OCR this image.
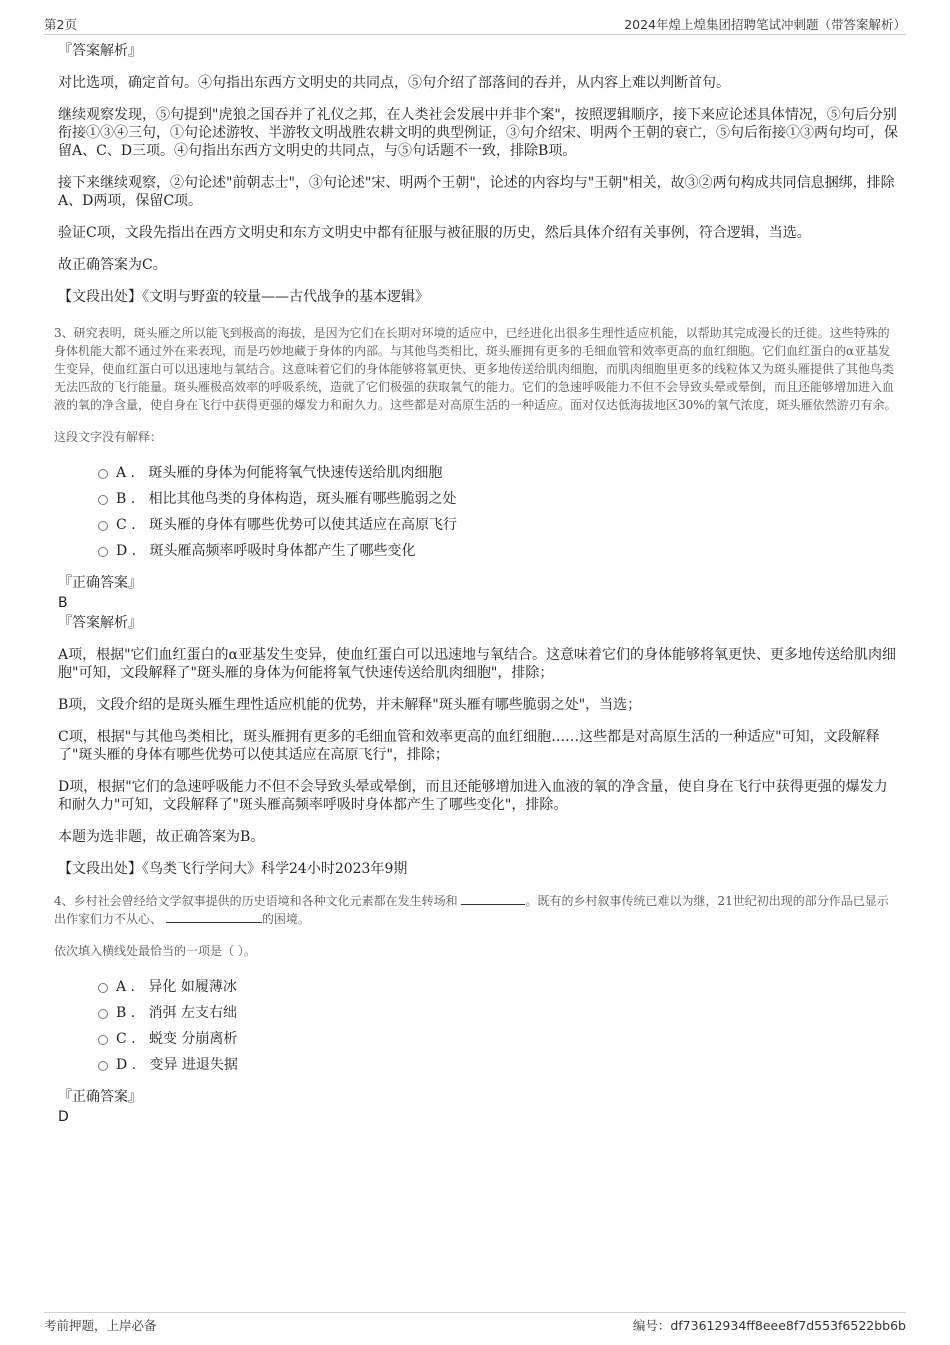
第2页	2024年煌上煌集团招聘笔试冲刺题（带答案解析）

『答案解析』

对比选项，确定首句。④句指出东西方文明史的共同点，⑤句介绍了部落间的吞并，从内容上难以判断首句。

继续观察发现，⑤句提到"虎狼之国吞并了礼仪之邦，在人类社会发展中并非个案"，按照逻辑顺序，接下来应论述具体情况，⑤句后分别衔接①③④三句，①句论述游牧、半游牧文明战胜农耕文明的典型例证，③句介绍宋、明两个王朝的衰亡，⑤句后衔接①③两句均可，保留A、C、D三项。④句指出东西方文明史的共同点，与⑤句话题不一致，排除B项。

接下来继续观察，②句论述"前朝志士"，③句论述"宋、明两个王朝"，论述的内容均与"王朝"相关，故③②两句构成共同信息捆绑，排除A、D两项，保留C项。

验证C项，文段先指出在西方文明史和东方文明史中都有征服与被征服的历史，然后具体介绍有关事例，符合逻辑，当选。

故正确答案为C。

【文段出处】《文明与野蛮的较量——古代战争的基本逻辑》

3、研究表明，斑头雁之所以能飞到极高的海拔，是因为它们在长期对环境的适应中，已经进化出很多生理性适应机能，以帮助其完成漫长的迁徙。这些特殊的身体机能大都不通过外在来表现，而是巧妙地藏于身体的内部。与其他鸟类相比，斑头雁拥有更多的毛细血管和效率更高的血红细胞。它们血红蛋白的α亚基发生变异，使血红蛋白可以迅速地与氧结合。这意味着它们的身体能够将氧更快、更多地传送给肌肉细胞，而肌肉细胞里更多的线粒体又为斑头雁提供了其他鸟类无法匹敌的飞行能量。斑头雁极高效率的呼吸系统，造就了它们极强的获取氧气的能力。它们的急速呼吸能力不但不会导致头晕或晕倒，而且还能够增加进入血液的氧的净含量，使自身在飞行中获得更强的爆发力和耐久力。这些都是对高原生活的一种适应。面对仅达低海拔地区30%的氧气浓度，斑头雁依然游刃有余。

这段文字没有解释：

A . 斑头雁的身体为何能将氧气快速传送给肌肉细胞
B . 相比其他鸟类的身体构造，斑头雁有哪些脆弱之处
C . 斑头雁的身体有哪些优势可以使其适应在高原飞行
D . 斑头雁高频率呼吸时身体都产生了哪些变化

『正确答案』

B

『答案解析』

A项，根据"它们血红蛋白的α亚基发生变异，使血红蛋白可以迅速地与氧结合。这意味着它们的身体能够将氧更快、更多地传送给肌肉细胞"可知，文段解释了"斑头雁的身体为何能将氧气快速传送给肌肉细胞"，排除；

B项，文段介绍的是斑头雁生理性适应机能的优势，并未解释"斑头雁有哪些脆弱之处"，当选；

C项，根据"与其他鸟类相比，斑头雁拥有更多的毛细血管和效率更高的血红细胞……这些都是对高原生活的一种适应"可知，文段解释了"斑头雁的身体有哪些优势可以使其适应在高原飞行"，排除；

D项，根据"它们的急速呼吸能力不但不会导致头晕或晕倒，而且还能够增加进入血液的氧的净含量，使自身在飞行中获得更强的爆发力和耐久力"可知，文段解释了"斑头雁高频率呼吸时身体都产生了哪些变化"，排除。

本题为选非题，故正确答案为B。

【文段出处】《鸟类飞行学问大》科学24小时2023年9期

4、乡村社会曾经给文学叙事提供的历史语境和各种文化元素都在发生转场和	。既有的乡村叙事传统已难以为继，21世纪初出现的部分作品已显示出作家们力不从心、	的困境。

依次填入横线处最恰当的一项是（ ）。

A . 异化 如履薄冰
B . 消弭 左支右绌
C . 蜕变 分崩离析
D . 变异 进退失据

『正确答案』

D

考前押题，上岸必备	编号：df73612934ff8eee8f7d553f6522bb6b
